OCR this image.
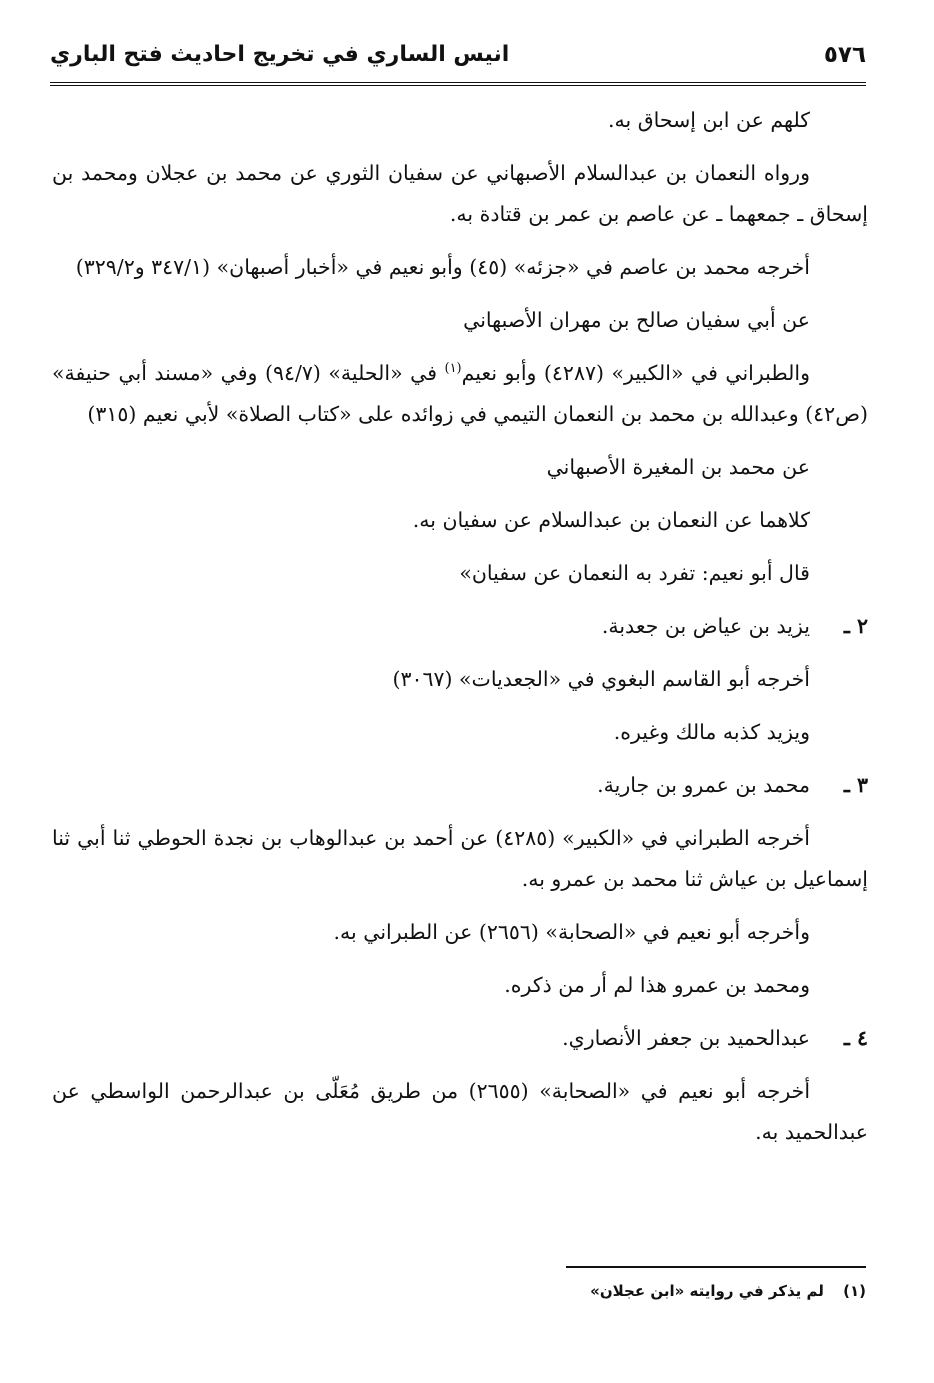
٥٧٦
انيس الساري في تخريج احاديث فتح الباري

كلهم عن ابن إسحاق به.

ورواه النعمان بن عبدالسلام الأصبهاني عن سفيان الثوري عن محمد بن عجلان ومحمد بن إسحاق ـ جمعهما ـ عن عاصم بن عمر بن قتادة به.

أخرجه محمد بن عاصم في «جزئه» (٤٥) وأبو نعيم في «أخبار أصبهان» (٣٤٧/١ و٣٢٩/٢)

عن أبي سفيان صالح بن مهران الأصبهاني

والطبراني في «الكبير» (٤٢٨٧) وأبو نعيم$^{(١)}$ في «الحلية» (٩٤/٧) وفي «مسند أبي حنيفة» (ص٤٢) وعبدالله بن محمد بن النعمان التيمي في زوائده على «كتاب الصلاة» لأبي نعيم (٣١٥)

عن محمد بن المغيرة الأصبهاني

كلاهما عن النعمان بن عبدالسلام عن سفيان به.

قال أبو نعيم: تفرد به النعمان عن سفيان»

٢ ـ
يزيد بن عياض بن جعدبة.

أخرجه أبو القاسم البغوي في «الجعديات» (٣٠٦٧)

ويزيد كذبه مالك وغيره.

٣ ـ
محمد بن عمرو بن جارية.

أخرجه الطبراني في «الكبير» (٤٢٨٥) عن أحمد بن عبدالوهاب بن نجدة الحوطي ثنا أبي ثنا إسماعيل بن عياش ثنا محمد بن عمرو به.

وأخرجه أبو نعيم في «الصحابة» (٢٦٥٦) عن الطبراني به.

ومحمد بن عمرو هذا لم أر من ذكره.

٤ ـ
عبدالحميد بن جعفر الأنصاري.

أخرجه أبو نعيم في «الصحابة» (٢٦٥٥) من طريق مُعَلّى بن عبدالرحمن الواسطي عن عبدالحميد به.

(١) لم يذكر في روايته «ابن عجلان»
